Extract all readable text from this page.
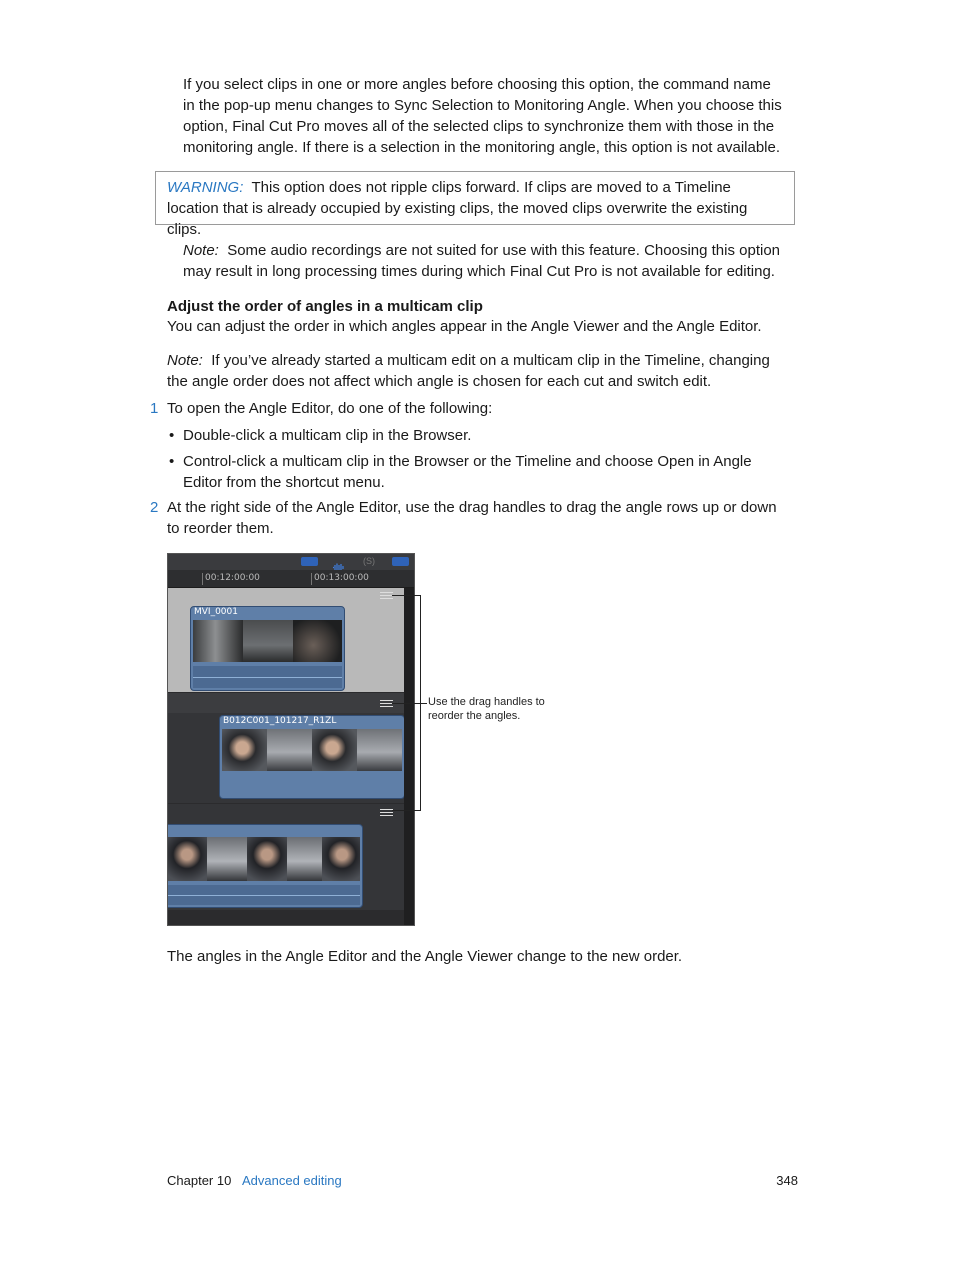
If you select clips in one or more angles before choosing this option, the command name in the pop-up menu changes to Sync Selection to Monitoring Angle. When you choose this option, Final Cut Pro moves all of the selected clips to synchronize them with those in the monitoring angle. If there is a selection in the monitoring angle, this option is not available.

WARNING: This option does not ripple clips forward. If clips are moved to a Timeline location that is already occupied by existing clips, the moved clips overwrite the existing clips.

Note: Some audio recordings are not suited for use with this feature. Choosing this option may result in long processing times during which Final Cut Pro is not available for editing.

Adjust the order of angles in a multicam clip

You can adjust the order in which angles appear in the Angle Viewer and the Angle Editor.

Note: If you’ve already started a multicam edit on a multicam clip in the Timeline, changing the angle order does not affect which angle is chosen for each cut and switch edit.

1 To open the Angle Editor, do one of the following:

• Double-click a multicam clip in the Browser.

• Control-click a multicam clip in the Browser or the Timeline and choose Open in Angle Editor from the shortcut menu.

2 At the right side of the Angle Editor, use the drag handles to drag the angle rows up or down to reorder them.

(S)
00:12:00:00	00:13:00:00
MVI_0001
B012C001_101217_R1ZL

Use the drag handles to reorder the angles.

The angles in the Angle Editor and the Angle Viewer change to the new order.

Chapter 10 Advanced editing	348
